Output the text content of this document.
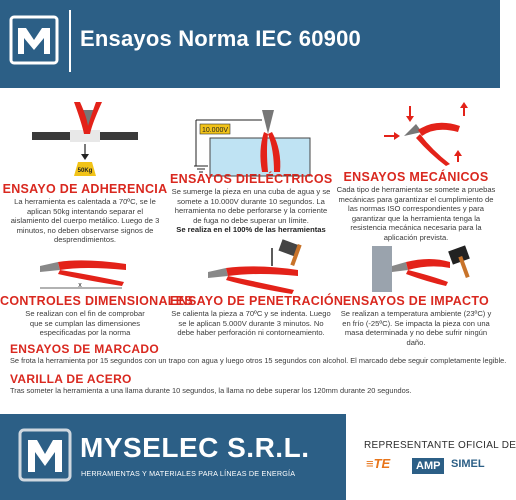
Ensayos Norma IEC 60900
50Kg
ENSAYO DE ADHERENCIA

La herramienta es calentada a 70ºC, se le aplican 50kg intentando separar el aislamiento del cuerpo metálico. Luego de 3 minutos, no deben observarse signos de desprendimientos.

10.000V
ENSAYOS DIELÉCTRICOS

Se sumerge la pieza en una cuba de agua y se somete a 10.000V durante 10 segundos. La herramienta no debe perforarse y la corriente de fuga no debe superar un límite.

Se realiza en el 100% de las herramientas

ENSAYOS MECÁNICOS

Cada tipo de herramienta se somete a pruebas mecánicas para garantizar el cumplimiento de las normas ISO correspondientes y para garantizar que la herramienta tenga la resistencia mecánica necesaria para la aplicación prevista.

x
CONTROLES DIMENSIONALES

Se realizan con el fin de comprobar que se cumplan las dimensiones especificadas por la norma

ENSAYO DE PENETRACIÓN

Se calienta la pieza a 70ºC y se indenta. Luego se le aplican 5.000V durante 3 minutos. No debe haber perforación ni contorneamiento.

ENSAYOS DE IMPACTO

Se realizan a temperatura ambiente (23ºC) y en frío (-25ºC). Se impacta la pieza con una masa determinada y no debe sufrir ningún daño.

ENSAYOS DE MARCADO
Se frota la herramienta por 15 segundos con un trapo con agua y luego otros 15 segundos con alcohol. El marcado debe seguir completamente legible.
VARILLA DE ACERO
Tras someter la herramienta a una llama durante 10 segundos, la llama no debe superar los 120mm durante 20 segundos.
MYSELEC S.R.L.
HERRAMIENTAS Y MATERIALES PARA LÍNEAS DE ENERGÍA
REPRESENTANTE OFICIAL DE
≡TE	AMP SIMEL
